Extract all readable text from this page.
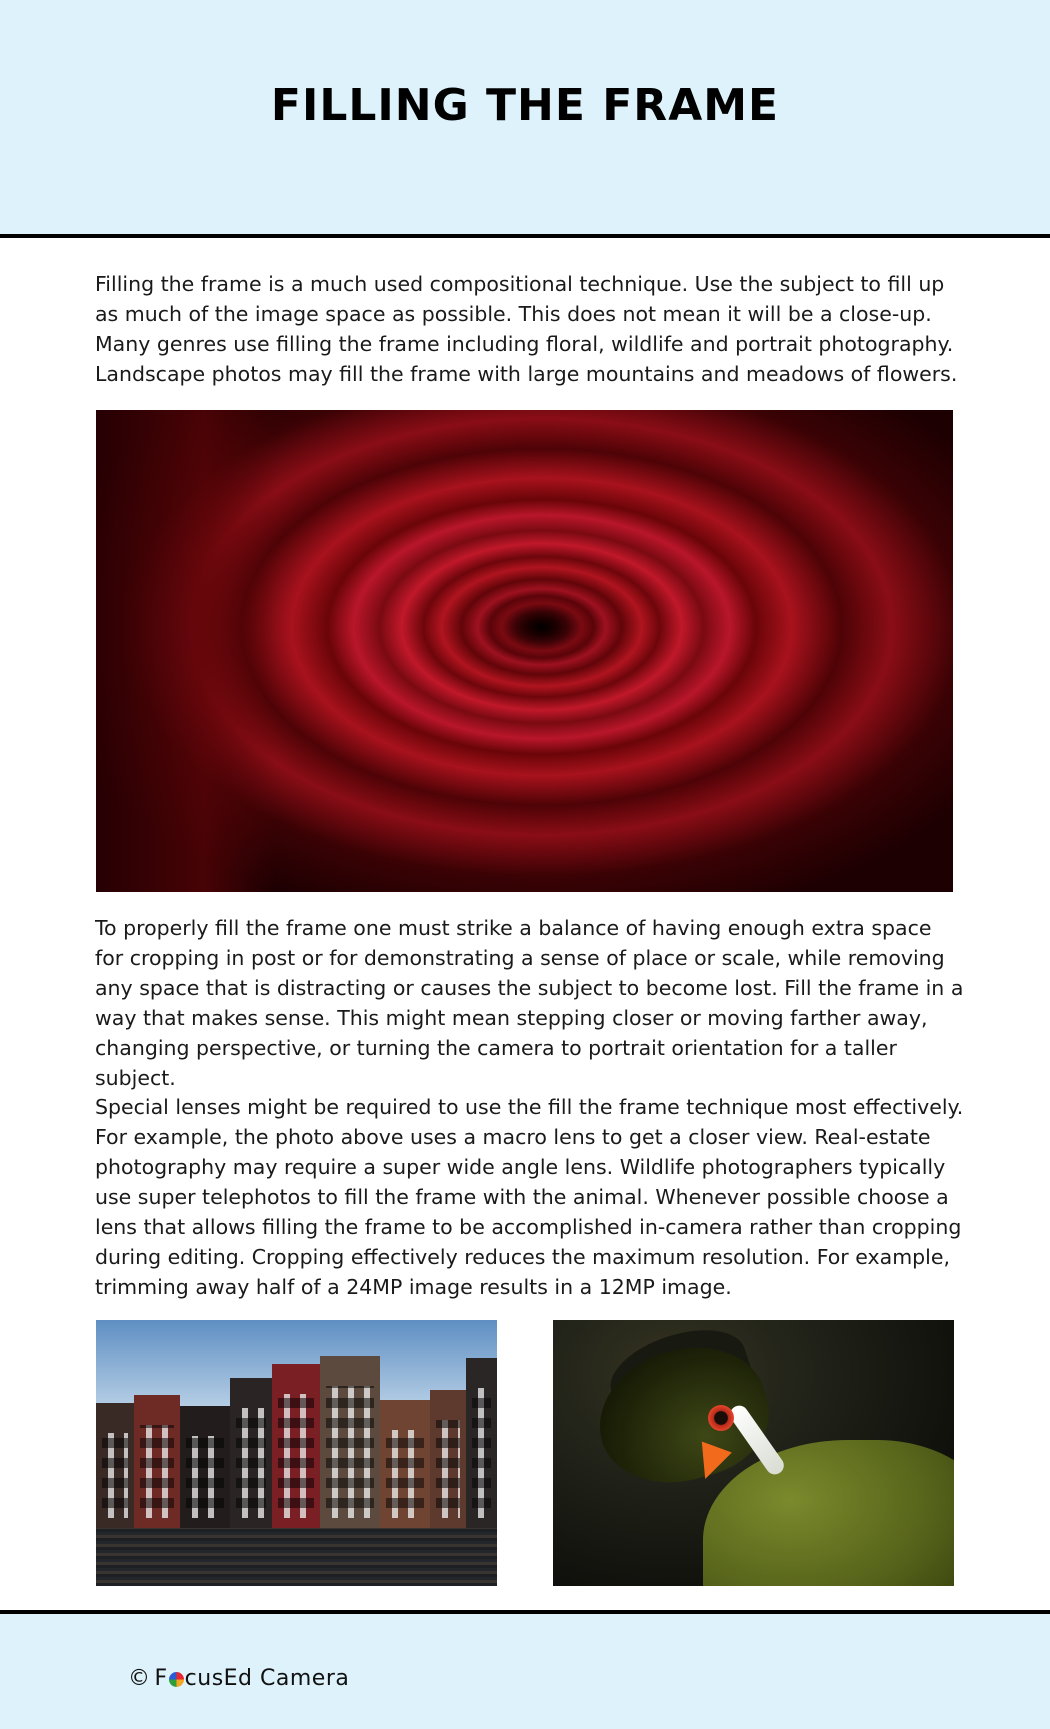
FILLING THE FRAME

Filling the frame is a much used compositional technique. Use the subject to fill up as much of the image space as possible. This does not mean it will be a close-up. Many genres use filling the frame including floral, wildlife and portrait photography. Landscape photos may fill the frame with large mountains and meadows of flowers.

To properly fill the frame one must strike a balance of having enough extra space for cropping in post or for demonstrating a sense of place or scale, while removing any space that is distracting or causes the subject to become lost. Fill the frame in a way that makes sense. This might mean stepping closer or moving farther away, changing perspective, or turning the camera to portrait orientation for a taller subject.

Special lenses might be required to use the fill the frame technique most effectively. For example, the photo above uses a macro lens to get a closer view. Real-estate photography may require a super wide angle lens. Wildlife photographers typically use super telephotos to fill the frame with the animal. Whenever possible choose a lens that allows filling the frame to be accomplished in-camera rather than cropping during editing. Cropping effectively reduces the maximum resolution. For example, trimming away half of a 24MP image results in a 12MP image.

© F cusEd Camera
